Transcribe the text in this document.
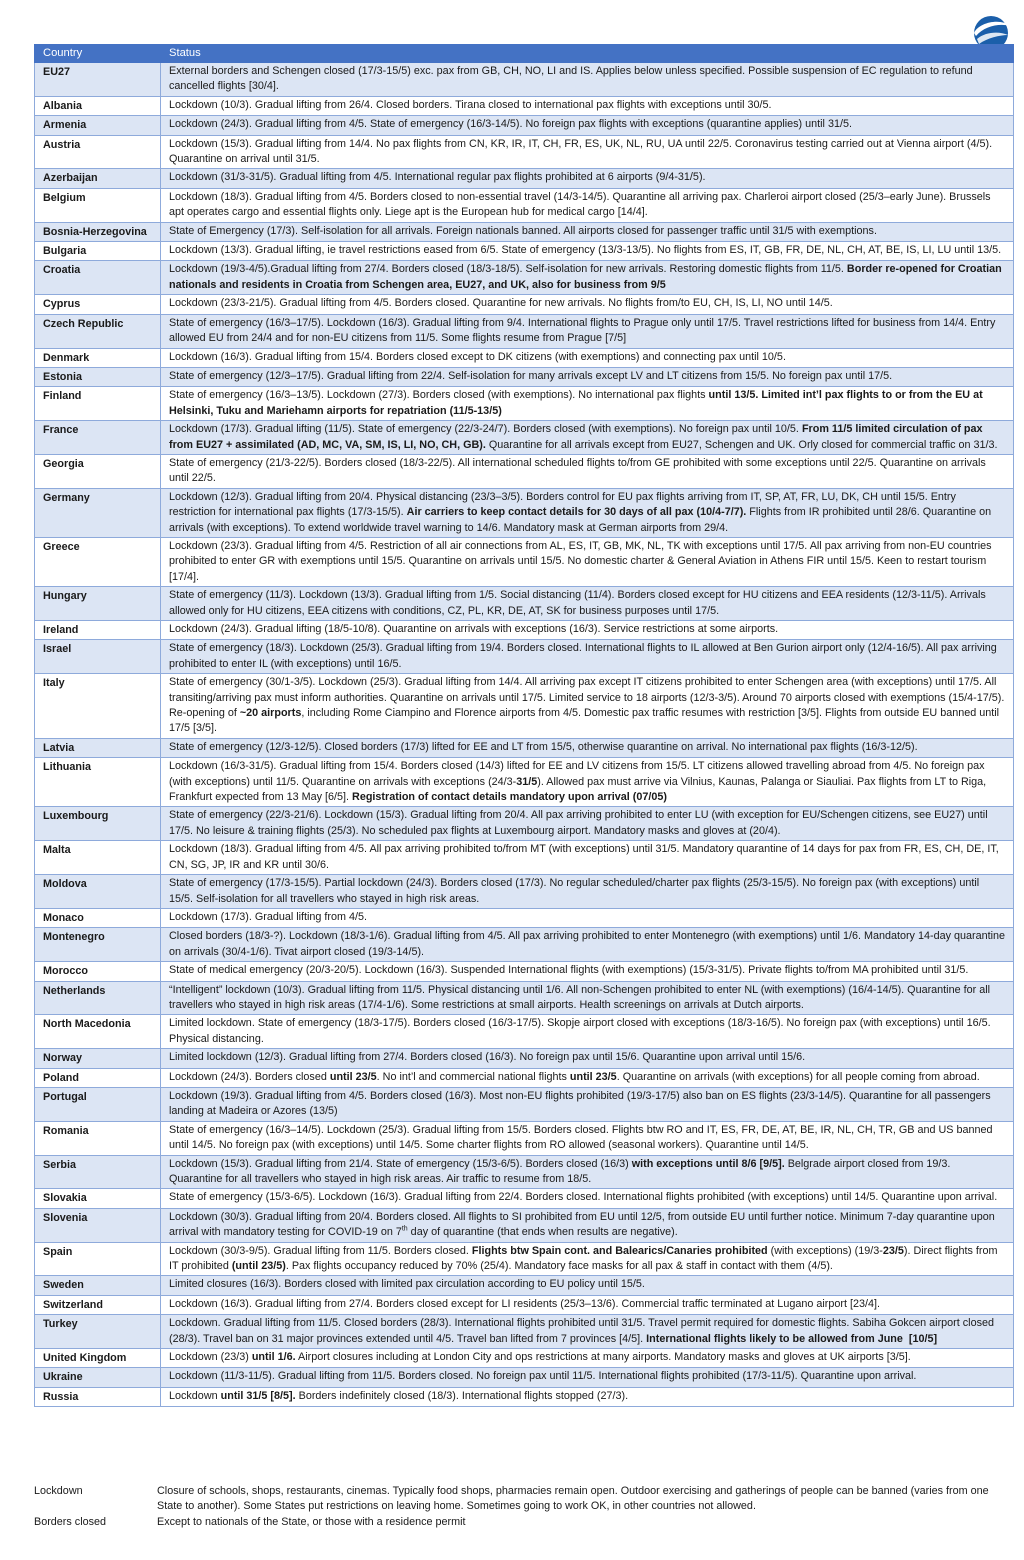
Country	Status
EU27	External borders and Schengen closed (17/3-15/5) exc. pax from GB, CH, NO, LI and IS. Applies below unless specified. Possible suspension of EC regulation to refund cancelled flights [30/4].
Albania	Lockdown (10/3). Gradual lifting from 26/4. Closed borders. Tirana closed to international pax flights with exceptions until 30/5.
Armenia	Lockdown (24/3). Gradual lifting from 4/5. State of emergency (16/3-14/5). No foreign pax flights with exceptions (quarantine applies) until 31/5.
Austria	Lockdown (15/3). Gradual lifting from 14/4. No pax flights from CN, KR, IR, IT, CH, FR, ES, UK, NL, RU, UA until 22/5. Coronavirus testing carried out at Vienna airport (4/5). Quarantine on arrival until 31/5.
Azerbaijan	Lockdown (31/3-31/5). Gradual lifting from 4/5. International regular pax flights prohibited at 6 airports (9/4-31/5).
Belgium	Lockdown (18/3). Gradual lifting from 4/5. Borders closed to non-essential travel (14/3-14/5). Quarantine all arriving pax. Charleroi airport closed (25/3–early June). Brussels apt operates cargo and essential flights only. Liege apt is the European hub for medical cargo [14/4].
Bosnia-Herzegovina	State of Emergency (17/3). Self-isolation for all arrivals. Foreign nationals banned. All airports closed for passenger traffic until 31/5 with exemptions.
Bulgaria	Lockdown (13/3). Gradual lifting, ie travel restrictions eased from 6/5. State of emergency (13/3-13/5). No flights from ES, IT, GB, FR, DE, NL, CH, AT, BE, IS, LI, LU until 13/5.
Croatia	Lockdown (19/3-4/5).Gradual lifting from 27/4. Borders closed (18/3-18/5). Self-isolation for new arrivals. Restoring domestic flights from 11/5. Border re-opened for Croatian nationals and residents in Croatia from Schengen area, EU27, and UK, also for business from 9/5
Cyprus	Lockdown (23/3-21/5). Gradual lifting from 4/5. Borders closed. Quarantine for new arrivals. No flights from/to EU, CH, IS, LI, NO until 14/5.
Czech Republic	State of emergency (16/3–17/5). Lockdown (16/3). Gradual lifting from 9/4. International flights to Prague only until 17/5. Travel restrictions lifted for business from 14/4. Entry allowed EU from 24/4 and for non-EU citizens from 11/5. Some flights resume from Prague [7/5]
Denmark	Lockdown (16/3). Gradual lifting from 15/4. Borders closed except to DK citizens (with exemptions) and connecting pax until 10/5.
Estonia	State of emergency (12/3–17/5). Gradual lifting from 22/4. Self-isolation for many arrivals except LV and LT citizens from 15/5. No foreign pax until 17/5.
Finland	State of emergency (16/3–13/5). Lockdown (27/3). Borders closed (with exemptions). No international pax flights until 13/5. Limited int’l pax flights to or from the EU at Helsinki, Tuku and Mariehamn airports for repatriation (11/5-13/5)
France	Lockdown (17/3). Gradual lifting (11/5). State of emergency (22/3-24/7). Borders closed (with exemptions). No foreign pax until 10/5. From 11/5 limited circulation of pax from EU27 + assimilated (AD, MC, VA, SM, IS, LI, NO, CH, GB). Quarantine for all arrivals except from EU27, Schengen and UK. Orly closed for commercial traffic on 31/3.
Georgia	State of emergency (21/3-22/5). Borders closed (18/3-22/5). All international scheduled flights to/from GE prohibited with some exceptions until 22/5. Quarantine on arrivals until 22/5.
Germany	Lockdown (12/3). Gradual lifting from 20/4. Physical distancing (23/3–3/5). Borders control for EU pax flights arriving from IT, SP, AT, FR, LU, DK, CH until 15/5. Entry restriction for international pax flights (17/3-15/5). Air carriers to keep contact details for 30 days of all pax (10/4-7/7). Flights from IR prohibited until 28/6. Quarantine on arrivals (with exceptions). To extend worldwide travel warning to 14/6. Mandatory mask at German airports from 29/4.
Greece	Lockdown (23/3). Gradual lifting from 4/5. Restriction of all air connections from AL, ES, IT, GB, MK, NL, TK with exceptions until 17/5. All pax arriving from non-EU countries prohibited to enter GR with exemptions until 15/5. Quarantine on arrivals until 15/5. No domestic charter & General Aviation in Athens FIR until 15/5. Keen to restart tourism [17/4].
Hungary	State of emergency (11/3). Lockdown (13/3). Gradual lifting from 1/5. Social distancing (11/4). Borders closed except for HU citizens and EEA residents (12/3-11/5). Arrivals allowed only for HU citizens, EEA citizens with conditions, CZ, PL, KR, DE, AT, SK for business purposes until 17/5.
Ireland	Lockdown (24/3). Gradual lifting (18/5-10/8). Quarantine on arrivals with exceptions (16/3). Service restrictions at some airports.
Israel	State of emergency (18/3). Lockdown (25/3). Gradual lifting from 19/4. Borders closed. International flights to IL allowed at Ben Gurion airport only (12/4-16/5). All pax arriving prohibited to enter IL (with exceptions) until 16/5.
Italy	State of emergency (30/1-3/5). Lockdown (25/3). Gradual lifting from 14/4. All arriving pax except IT citizens prohibited to enter Schengen area (with exceptions) until 17/5. All transiting/arriving pax must inform authorities. Quarantine on arrivals until 17/5. Limited service to 18 airports (12/3-3/5). Around 70 airports closed with exemptions (15/4-17/5). Re-opening of ~20 airports, including Rome Ciampino and Florence airports from 4/5. Domestic pax traffic resumes with restriction [3/5]. Flights from outside EU banned until 17/5 [3/5].
Latvia	State of emergency (12/3-12/5). Closed borders (17/3) lifted for EE and LT from 15/5, otherwise quarantine on arrival. No international pax flights (16/3-12/5).
Lithuania	Lockdown (16/3-31/5). Gradual lifting from 15/4. Borders closed (14/3) lifted for EE and LV citizens from 15/5. LT citizens allowed travelling abroad from 4/5. No foreign pax (with exceptions) until 11/5. Quarantine on arrivals with exceptions (24/3-31/5). Allowed pax must arrive via Vilnius, Kaunas, Palanga or Siauliai. Pax flights from LT to Riga, Frankfurt expected from 13 May [6/5]. Registration of contact details mandatory upon arrival (07/05)
Luxembourg	State of emergency (22/3-21/6). Lockdown (15/3). Gradual lifting from 20/4. All pax arriving prohibited to enter LU (with exception for EU/Schengen citizens, see EU27) until 17/5. No leisure & training flights (25/3). No scheduled pax flights at Luxembourg airport. Mandatory masks and gloves at (20/4).
Malta	Lockdown (18/3). Gradual lifting from 4/5. All pax arriving prohibited to/from MT (with exceptions) until 31/5. Mandatory quarantine of 14 days for pax from FR, ES, CH, DE, IT, CN, SG, JP, IR and KR until 30/6.
Moldova	State of emergency (17/3-15/5). Partial lockdown (24/3). Borders closed (17/3). No regular scheduled/charter pax flights (25/3-15/5). No foreign pax (with exceptions) until 15/5. Self-isolation for all travellers who stayed in high risk areas.
Monaco	Lockdown (17/3). Gradual lifting from 4/5.
Montenegro	Closed borders (18/3-?). Lockdown (18/3-1/6). Gradual lifting from 4/5. All pax arriving prohibited to enter Montenegro (with exemptions) until 1/6. Mandatory 14-day quarantine on arrivals (30/4-1/6). Tivat airport closed (19/3-14/5).
Morocco	State of medical emergency (20/3-20/5). Lockdown (16/3). Suspended International flights (with exemptions) (15/3-31/5). Private flights to/from MA prohibited until 31/5.
Netherlands	“Intelligent” lockdown (10/3). Gradual lifting from 11/5. Physical distancing until 1/6. All non-Schengen prohibited to enter NL (with exemptions) (16/4-14/5). Quarantine for all travellers who stayed in high risk areas (17/4-1/6). Some restrictions at small airports. Health screenings on arrivals at Dutch airports.
North Macedonia	Limited lockdown. State of emergency (18/3-17/5). Borders closed (16/3-17/5). Skopje airport closed with exceptions (18/3-16/5). No foreign pax (with exceptions) until 16/5. Physical distancing.
Norway	Limited lockdown (12/3). Gradual lifting from 27/4. Borders closed (16/3). No foreign pax until 15/6. Quarantine upon arrival until 15/6.
Poland	Lockdown (24/3). Borders closed until 23/5. No int’l and commercial national flights until 23/5. Quarantine on arrivals (with exceptions) for all people coming from abroad.
Portugal	Lockdown (19/3). Gradual lifting from 4/5. Borders closed (16/3). Most non-EU flights prohibited (19/3-17/5) also ban on ES flights (23/3-14/5). Quarantine for all passengers landing at Madeira or Azores (13/5)
Romania	State of emergency (16/3–14/5). Lockdown (25/3). Gradual lifting from 15/5. Borders closed. Flights btw RO and IT, ES, FR, DE, AT, BE, IR, NL, CH, TR, GB and US banned until 14/5. No foreign pax (with exceptions) until 14/5. Some charter flights from RO allowed (seasonal workers). Quarantine until 14/5.
Serbia	Lockdown (15/3). Gradual lifting from 21/4. State of emergency (15/3-6/5). Borders closed (16/3) with exceptions until 8/6 [9/5]. Belgrade airport closed from 19/3. Quarantine for all travellers who stayed in high risk areas. Air traffic to resume from 18/5.
Slovakia	State of emergency (15/3-6/5). Lockdown (16/3). Gradual lifting from 22/4. Borders closed. International flights prohibited (with exceptions) until 14/5. Quarantine upon arrival.
Slovenia	Lockdown (30/3). Gradual lifting from 20/4. Borders closed. All flights to SI prohibited from EU until 12/5, from outside EU until further notice. Minimum 7-day quarantine upon arrival with mandatory testing for COVID-19 on 7th day of quarantine (that ends when results are negative).
Spain	Lockdown (30/3-9/5). Gradual lifting from 11/5. Borders closed. Flights btw Spain cont. and Balearics/Canaries prohibited (with exceptions) (19/3-23/5). Direct flights from IT prohibited (until 23/5). Pax flights occupancy reduced by 70% (25/4). Mandatory face masks for all pax & staff in contact with them (4/5).
Sweden	Limited closures (16/3). Borders closed with limited pax circulation according to EU policy until 15/5.
Switzerland	Lockdown (16/3). Gradual lifting from 27/4. Borders closed except for LI residents (25/3–13/6). Commercial traffic terminated at Lugano airport [23/4].
Turkey	Lockdown. Gradual lifting from 11/5. Closed borders (28/3). International flights prohibited until 31/5. Travel permit required for domestic flights. Sabiha Gokcen airport closed (28/3). Travel ban on 31 major provinces extended until 4/5. Travel ban lifted from 7 provinces [4/5]. International flights likely to be allowed from June  [10/5]
United Kingdom	Lockdown (23/3) until 1/6. Airport closures including at London City and ops restrictions at many airports. Mandatory masks and gloves at UK airports [3/5].
Ukraine	Lockdown (11/3-11/5). Gradual lifting from 11/5. Borders closed. No foreign pax until 11/5. International flights prohibited (17/3-11/5). Quarantine upon arrival.
Russia	Lockdown until 31/5 [8/5]. Borders indefinitely closed (18/3). International flights stopped (27/3).
Lockdown	Closure of schools, shops, restaurants, cinemas. Typically food shops, pharmacies remain open. Outdoor exercising and gatherings of people can be banned (varies from one State to another). Some States put restrictions on leaving home. Sometimes going to work OK, in other countries not allowed.
Borders closed	Except to nationals of the State, or those with a residence permit
